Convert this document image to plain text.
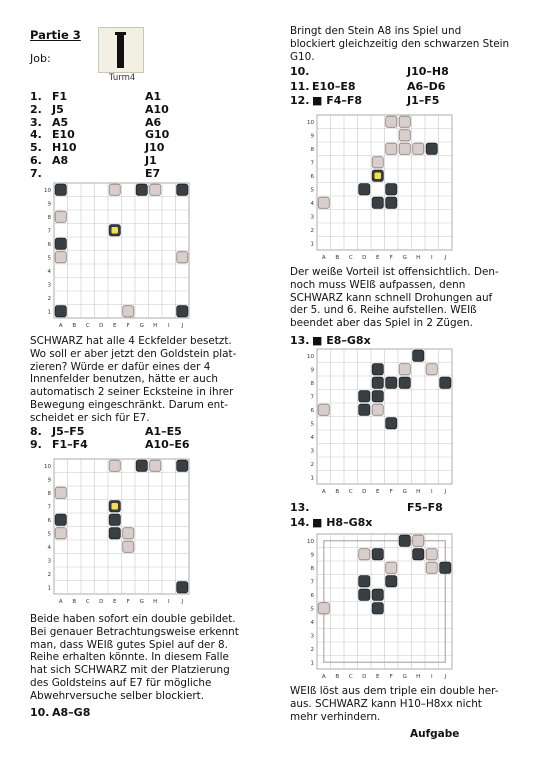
Partie 3
Job:
Turm4
1. F1	A1
2. J5	A10
3. A5	A6
4. E10	G10
5. H10	J10
6. A8	J1
7.	E7
10
9
8
7
6
5
4
3
2
1
A B C D E F G H I J
SCHWARZ hat alle 4 Eckfelder besetzt.
Wo soll er aber jetzt den Goldstein plat-
zieren? Würde er dafür eines der 4
Innenfelder benutzen, hätte er auch
automatisch 2 seiner Ecksteine in ihrer
Bewegung eingeschränkt. Darum ent-
scheidet er sich für E7.
8. J5–F5	A1–E5
9. F1–F4	A10–E6
10
9
8
7
6
5
4
3
2
1
A B C D E F G H I J
Beide haben sofort ein double gebildet.
Bei genauer Betrachtungsweise erkennt
man, dass WEIß gutes Spiel auf der 8.
Reihe erhalten könnte. In diesem Falle
hat sich SCHWARZ mit der Platzierung
des Goldsteins auf E7 für mögliche
Abwehrversuche selber blockiert.
10. A8–G8
Bringt den Stein A8 ins Spiel und
blockiert gleichzeitig den schwarzen Stein
G10.
10.	J10–H8
11. E10–E8	A6–D6
12. ■ F4–F8	J1–F5
10
9
8
7
6
5
4
3
2
1
A B C D E F G H I J
Der weiße Vorteil ist offensichtlich. Den-
noch muss WEIß aufpassen, denn
SCHWARZ kann schnell Drohungen auf
der 5. und 6. Reihe aufstellen. WEIß
beendet aber das Spiel in 2 Zügen.
13. ■ E8–G8x
10
9
8
7
6
5
4
3
2
1
A B C D E F G H I J
13.	F5–F8
14. ■ H8–G8x
10
9
8
7
6
5
4
3
2
1
A B C D E F G H I J
WEIß löst aus dem triple ein double her-
aus. SCHWARZ kann H10–H8xx nicht
mehr verhindern.
Aufgabe
